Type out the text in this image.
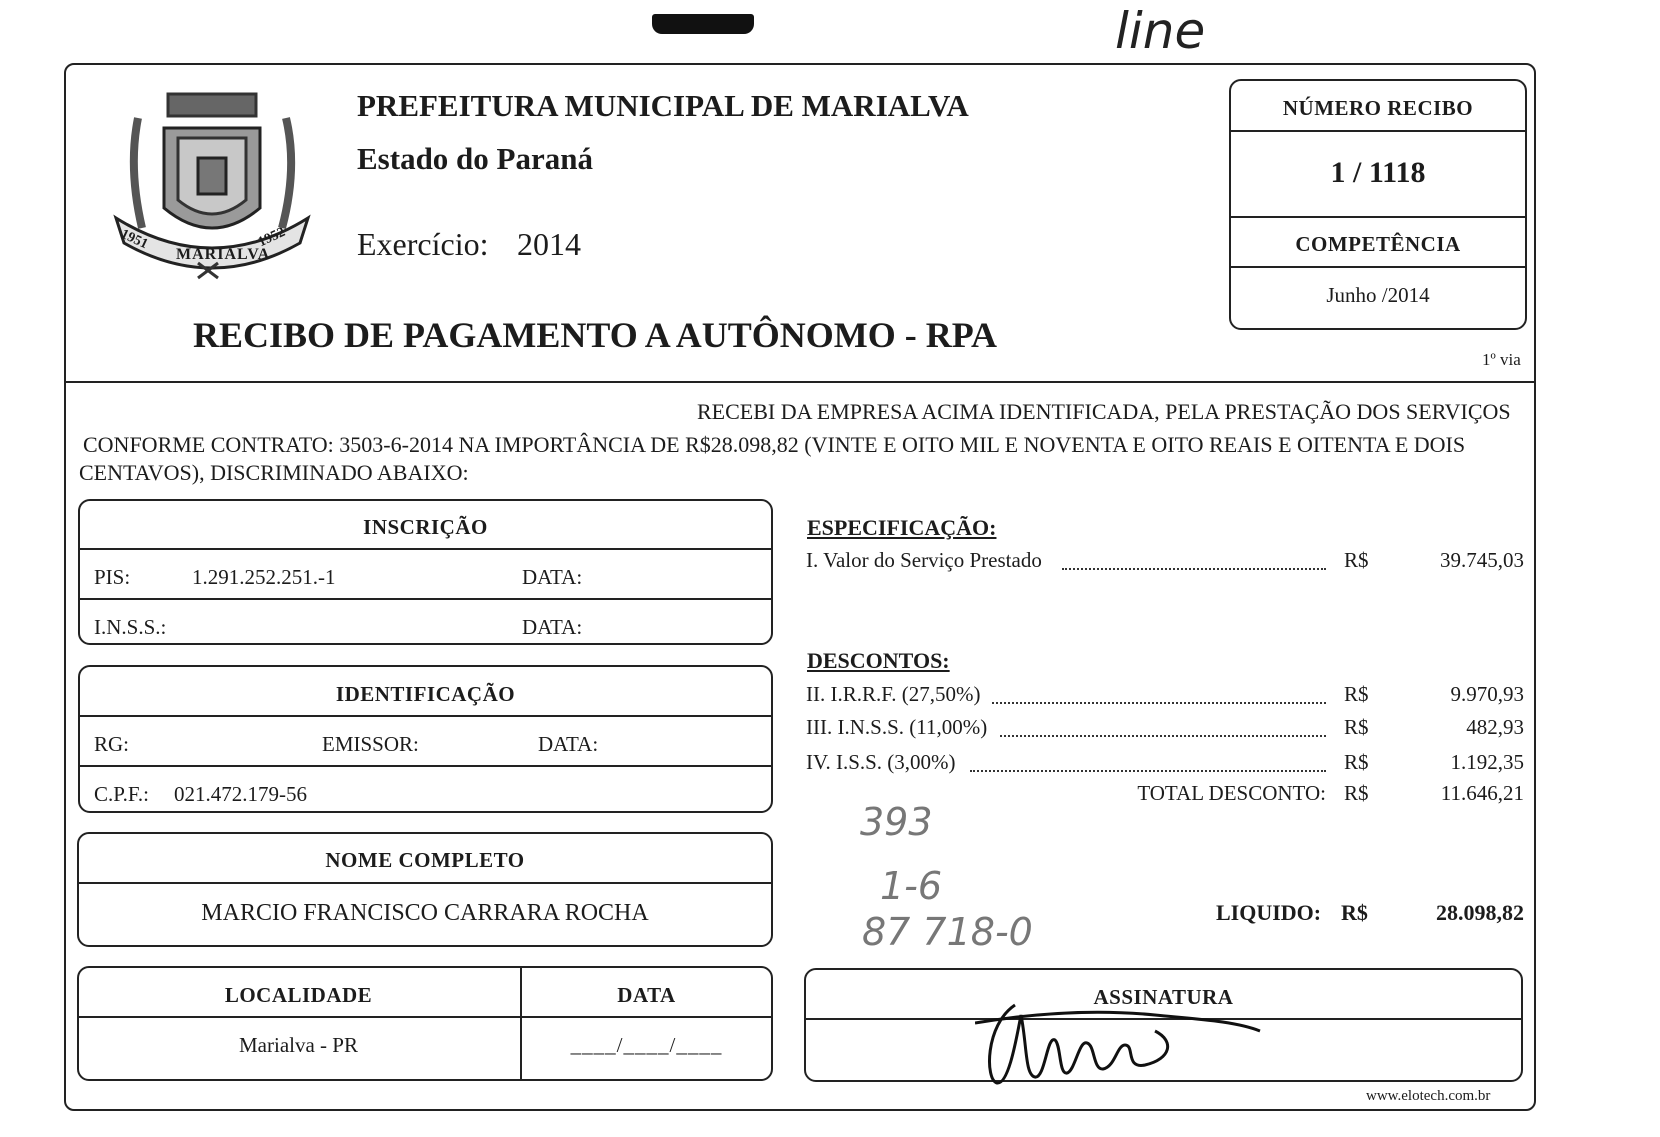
line
1951
MARIALVA
1952
PREFEITURA MUNICIPAL DE MARIALVA
Estado do Paraná
Exercício: 2014
RECIBO DE PAGAMENTO A AUTÔNOMO - RPA
NÚMERO RECIBO
1 / 1118
COMPETÊNCIA
Junho /2014
1º via
RECEBI DA EMPRESA ACIMA IDENTIFICADA, PELA PRESTAÇÃO DOS SERVIÇOS
CONFORME CONTRATO: 3503-6-2014 NA IMPORTÂNCIA DE R$28.098,82 (VINTE E OITO MIL E NOVENTA E OITO REAIS E OITENTA E DOIS
CENTAVOS), DISCRIMINADO ABAIXO:
INSCRIÇÃO
PIS:	1.291.252.251.-1	DATA:
I.N.S.S.:	DATA:
IDENTIFICAÇÃO
RG:	EMISSOR:	DATA:
C.P.F.: 021.472.179-56
NOME COMPLETO
MARCIO FRANCISCO CARRARA ROCHA
LOCALIDADE
Marialva - PR
DATA
____/____/____
ESPECIFICAÇÃO:
I. Valor do Serviço Prestado	R$	39.745,03
DESCONTOS:
II. I.R.R.F. (27,50%)	R$	9.970,93
III. I.N.S.S. (11,00%)	R$	482,93
IV. I.S.S. (3,00%)	R$	1.192,35
TOTAL DESCONTO: R$	11.646,21
393
1-6
87 718-0	LIQUIDO: R$	28.098,82
ASSINATURA
www.elotech.com.br
